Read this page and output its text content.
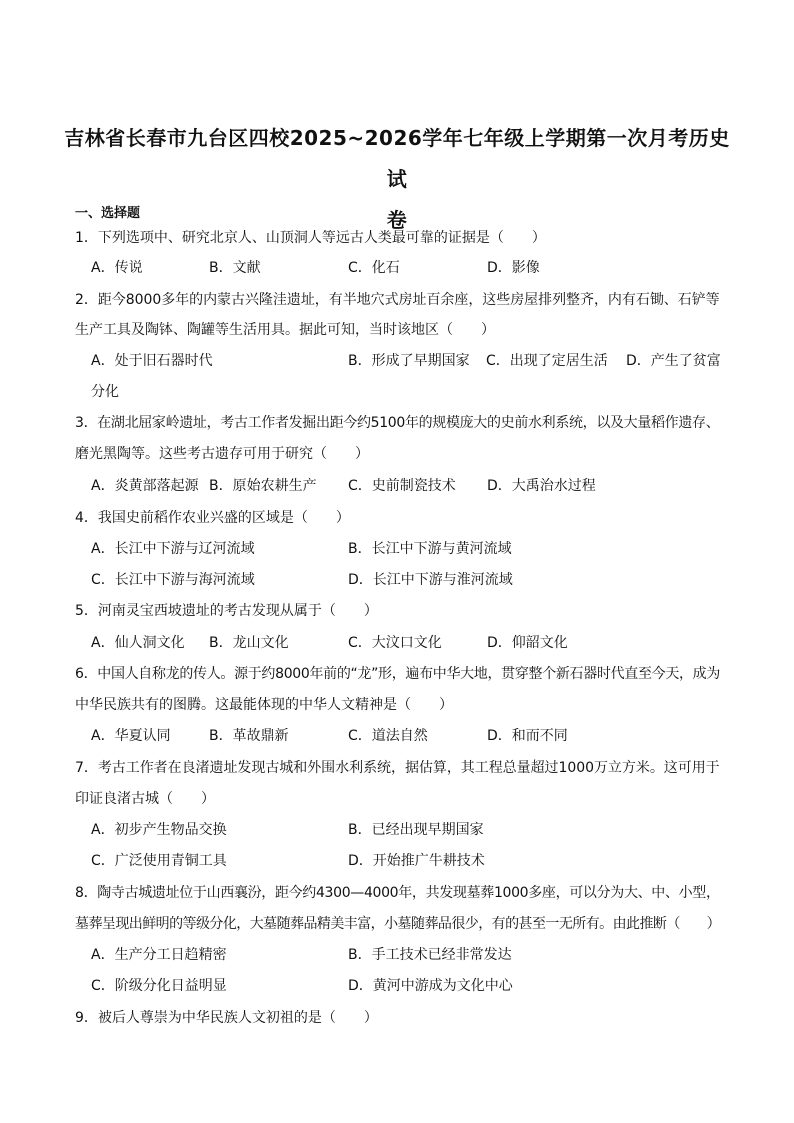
吉林省长春市九台区四校2025~2026学年七年级上学期第一次月考历史试
卷
一、选择题
1．下列选项中、研究北京人、山顶洞人等远古人类最可靠的证据是（　　）
A．传说	B．文献	C．化石	D．影像
2．距今8000多年的内蒙古兴隆洼遗址，有半地穴式房址百余座，这些房屋排列整齐，内有石锄、石铲等
生产工具及陶钵、陶罐等生活用具。据此可知，当时该地区（　　）
A．处于旧石器时代	B．形成了早期国家 C．出现了定居生活 D．产生了贫富
分化
3．在湖北屈家岭遗址，考古工作者发掘出距今约5100年的规模庞大的史前水利系统，以及大量稻作遗存、
磨光黑陶等。这些考古遗存可用于研究（　　）
A．炎黄部落起源 B．原始农耕生产 C．史前制瓷技术 D．大禹治水过程
4．我国史前稻作农业兴盛的区域是（　　）
A．长江中下游与辽河流域	B．长江中下游与黄河流域
C．长江中下游与海河流域	D．长江中下游与淮河流域
5．河南灵宝西坡遗址的考古发现从属于（　　）
A．仙人洞文化 B．龙山文化	C．大汶口文化	D．仰韶文化
6．中国人自称龙的传人。源于约8000年前的“龙”形，遍布中华大地，贯穿整个新石器时代直至今天，成为
中华民族共有的图腾。这最能体现的中华人文精神是（　　）
A．华夏认同	B．革故鼎新	C．道法自然	D．和而不同
7．考古工作者在良渚遗址发现古城和外围水利系统，据估算，其工程总量超过1000万立方米。这可用于
印证良渚古城（　　）
A．初步产生物品交换	B．已经出现早期国家
C．广泛使用青铜工具	D．开始推广牛耕技术
8．陶寺古城遗址位于山西襄汾，距今约4300—4000年，共发现墓葬1000多座，可以分为大、中、小型，
墓葬呈现出鲜明的等级分化，大墓随葬品精美丰富，小墓随葬品很少，有的甚至一无所有。由此推断（　　）
A．生产分工日趋精密	B．手工技术已经非常发达
C．阶级分化日益明显	D．黄河中游成为文化中心
9．被后人尊崇为中华民族人文初祖的是（　　）
